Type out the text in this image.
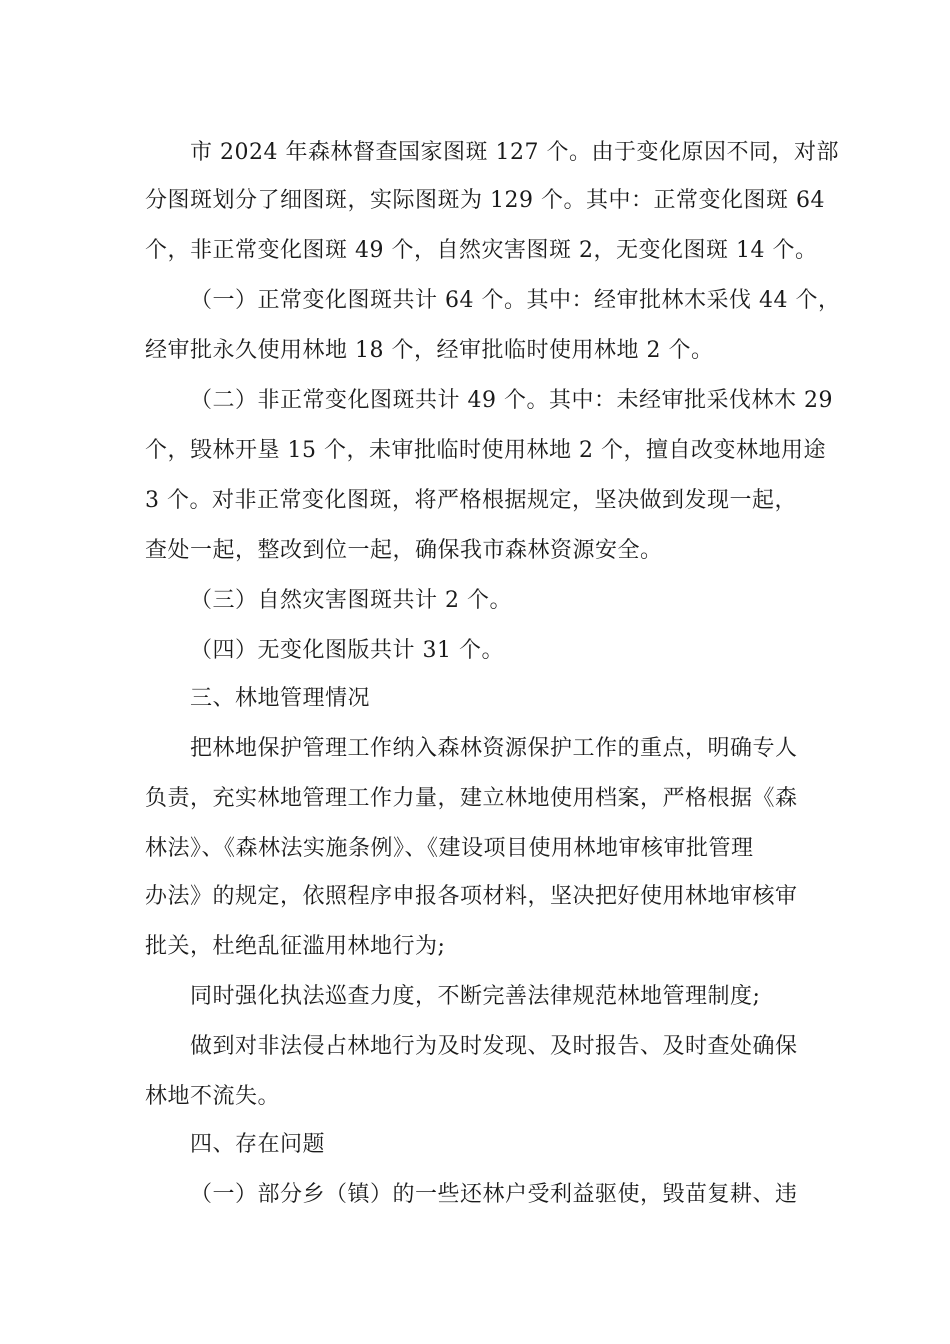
市 2024 年森林督查国家图斑 127 个。由于变化原因不同，对部
分图斑划分了细图斑，实际图斑为 129 个。其中：正常变化图斑 64
个，非正常变化图斑 49 个，自然灾害图斑 2，无变化图斑 14 个。
（一）正常变化图斑共计 64 个。其中：经审批林木采伐 44 个，
经审批永久使用林地 18 个，经审批临时使用林地 2 个。
（二）非正常变化图斑共计 49 个。其中：未经审批采伐林木 29
个，毁林开垦 15 个，未审批临时使用林地 2 个，擅自改变林地用途
3 个。对非正常变化图斑，将严格根据规定，坚决做到发现一起，
查处一起，整改到位一起，确保我市森林资源安全。
（三）自然灾害图斑共计 2 个。
（四）无变化图版共计 31 个。
三、林地管理情况
把林地保护管理工作纳入森林资源保护工作的重点，明确专人
负责，充实林地管理工作力量，建立林地使用档案，严格根据《森
林法》、《森林法实施条例》、《建设项目使用林地审核审批管理
办法》的规定，依照程序申报各项材料，坚决把好使用林地审核审
批关，杜绝乱征滥用林地行为;
同时强化执法巡查力度，不断完善法律规范林地管理制度;
做到对非法侵占林地行为及时发现、及时报告、及时查处确保
林地不流失。
四、存在问题
（一）部分乡（镇）的一些还林户受利益驱使，毁苗复耕、违
